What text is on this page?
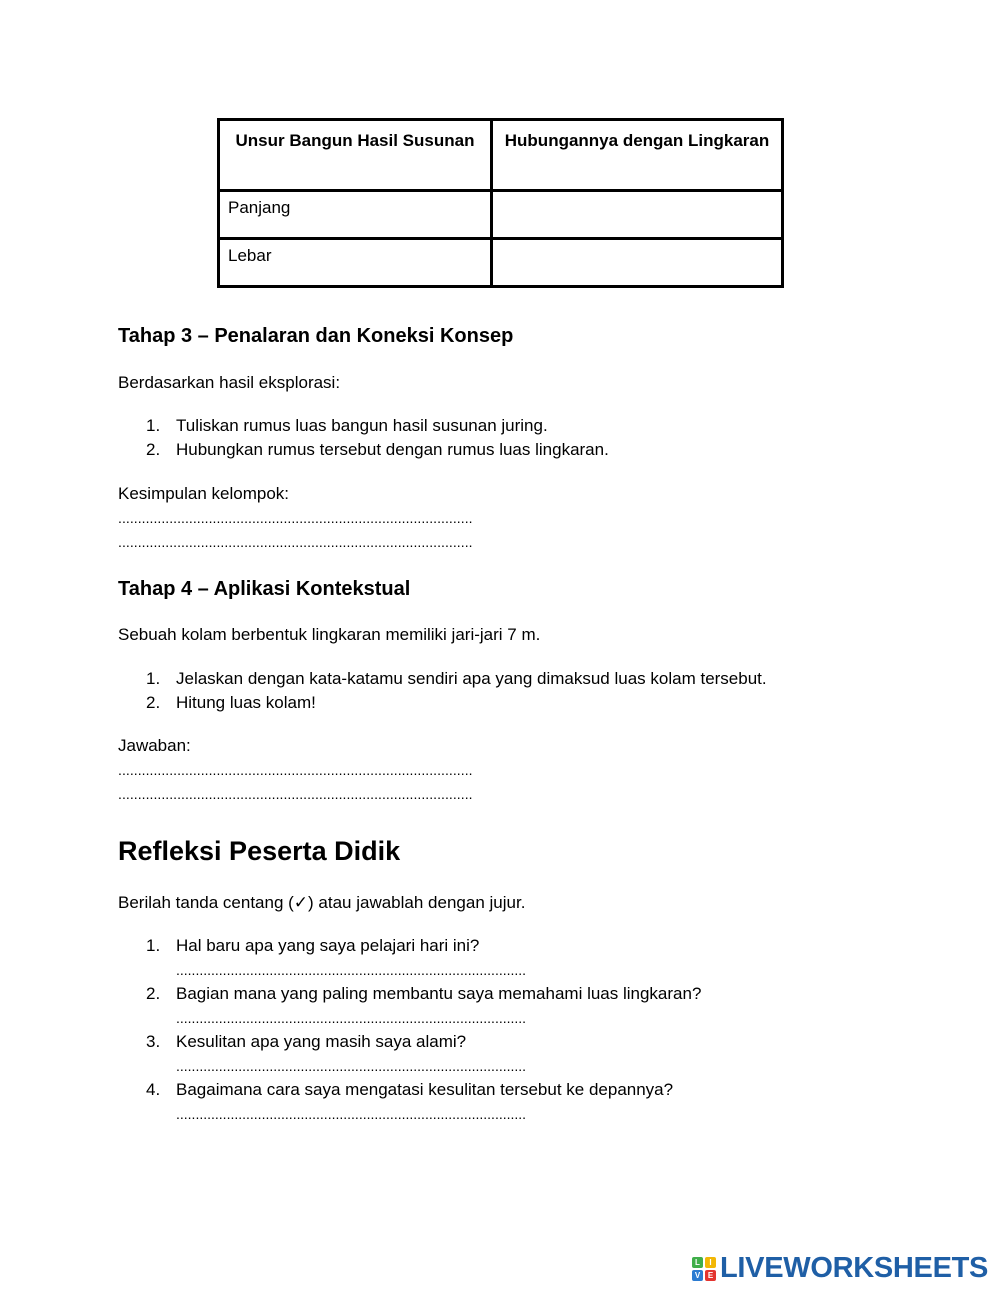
Unsur Bangun Hasil Susunan	Hubungannya dengan Lingkaran
Panjang	
Lebar	
Tahap 3 – Penalaran dan Koneksi Konsep

Berdasarkan hasil eksplorasi:

1. Tuliskan rumus luas bangun hasil susunan juring.
2. Hubungkan rumus tersebut dengan rumus luas lingkaran.

Kesimpulan kelompok:

..........................................................................................
..........................................................................................
Tahap 4 – Aplikasi Kontekstual

Sebuah kolam berbentuk lingkaran memiliki jari-jari 7 m.

1. Jelaskan dengan kata-katamu sendiri apa yang dimaksud luas kolam tersebut.
2. Hitung luas kolam!

Jawaban:

..........................................................................................
..........................................................................................
Refleksi Peserta Didik

Berilah tanda centang (✓) atau jawablah dengan jujur.

1. Hal baru apa yang saya pelajari hari ini?
..........................................................................................
2. Bagian mana yang paling membantu saya memahami luas lingkaran?
..........................................................................................
3. Kesulitan apa yang masih saya alami?
..........................................................................................
4. Bagaimana cara saya mengatasi kesulitan tersebut ke depannya?
..........................................................................................
L	I
V E LIVEWORKSHEETS
